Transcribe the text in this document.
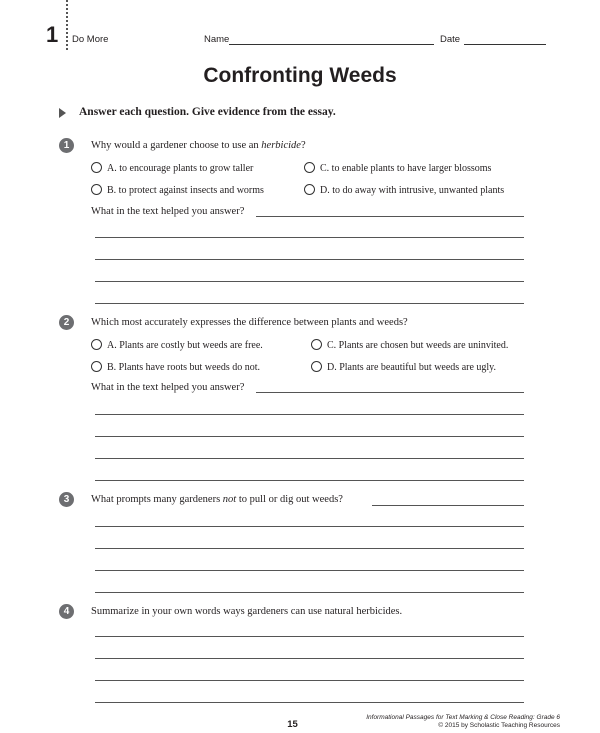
1 Do More	Name	Date
Confronting Weeds
Answer each question. Give evidence from the essay.
1	Why would a gardener choose to use an herbicide?
A. to encourage plants to grow taller	C. to enable plants to have larger blossoms
B. to protect against insects and worms	D. to do away with intrusive, unwanted plants
What in the text helped you answer?
2	Which most accurately expresses the difference between plants and weeds?
A. Plants are costly but weeds are free.	C. Plants are chosen but weeds are uninvited.
B. Plants have roots but weeds do not.	D. Plants are beautiful but weeds are ugly.
What in the text helped you answer?
3	What prompts many gardeners not to pull or dig out weeds?
4	Summarize in your own words ways gardeners can use natural herbicides.
15
Informational Passages for Text Marking & Close Reading: Grade 6
© 2015 by Scholastic Teaching Resources
